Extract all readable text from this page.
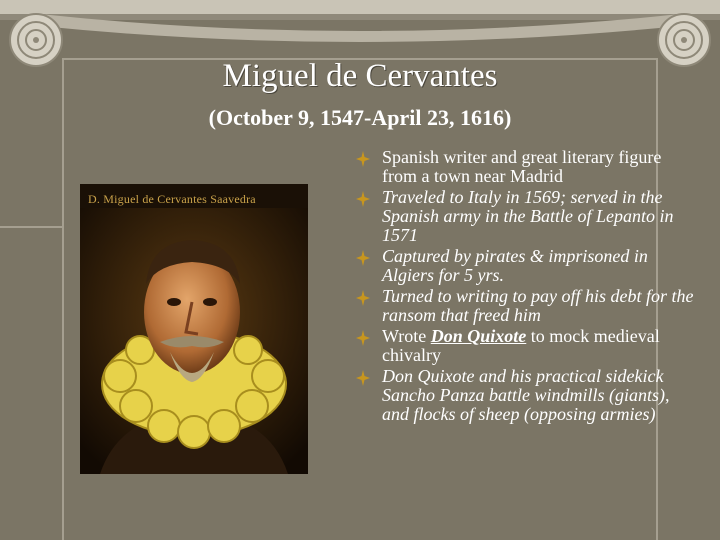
Miguel de Cervantes
(October 9, 1547-April 23, 1616)
D. Miguel de Cervantes Saavedra
Spanish writer and great literary figure from a town near Madrid
Traveled to Italy in 1569; served in the Spanish army in the Battle of Lepanto in 1571
Captured by pirates & imprisoned in Algiers for 5 yrs.
Turned to writing to pay off his debt for the ransom that freed him
Wrote Don Quixote to mock medieval chivalry
Don Quixote and his practical sidekick Sancho Panza battle windmills (giants), and flocks of sheep (opposing armies)
